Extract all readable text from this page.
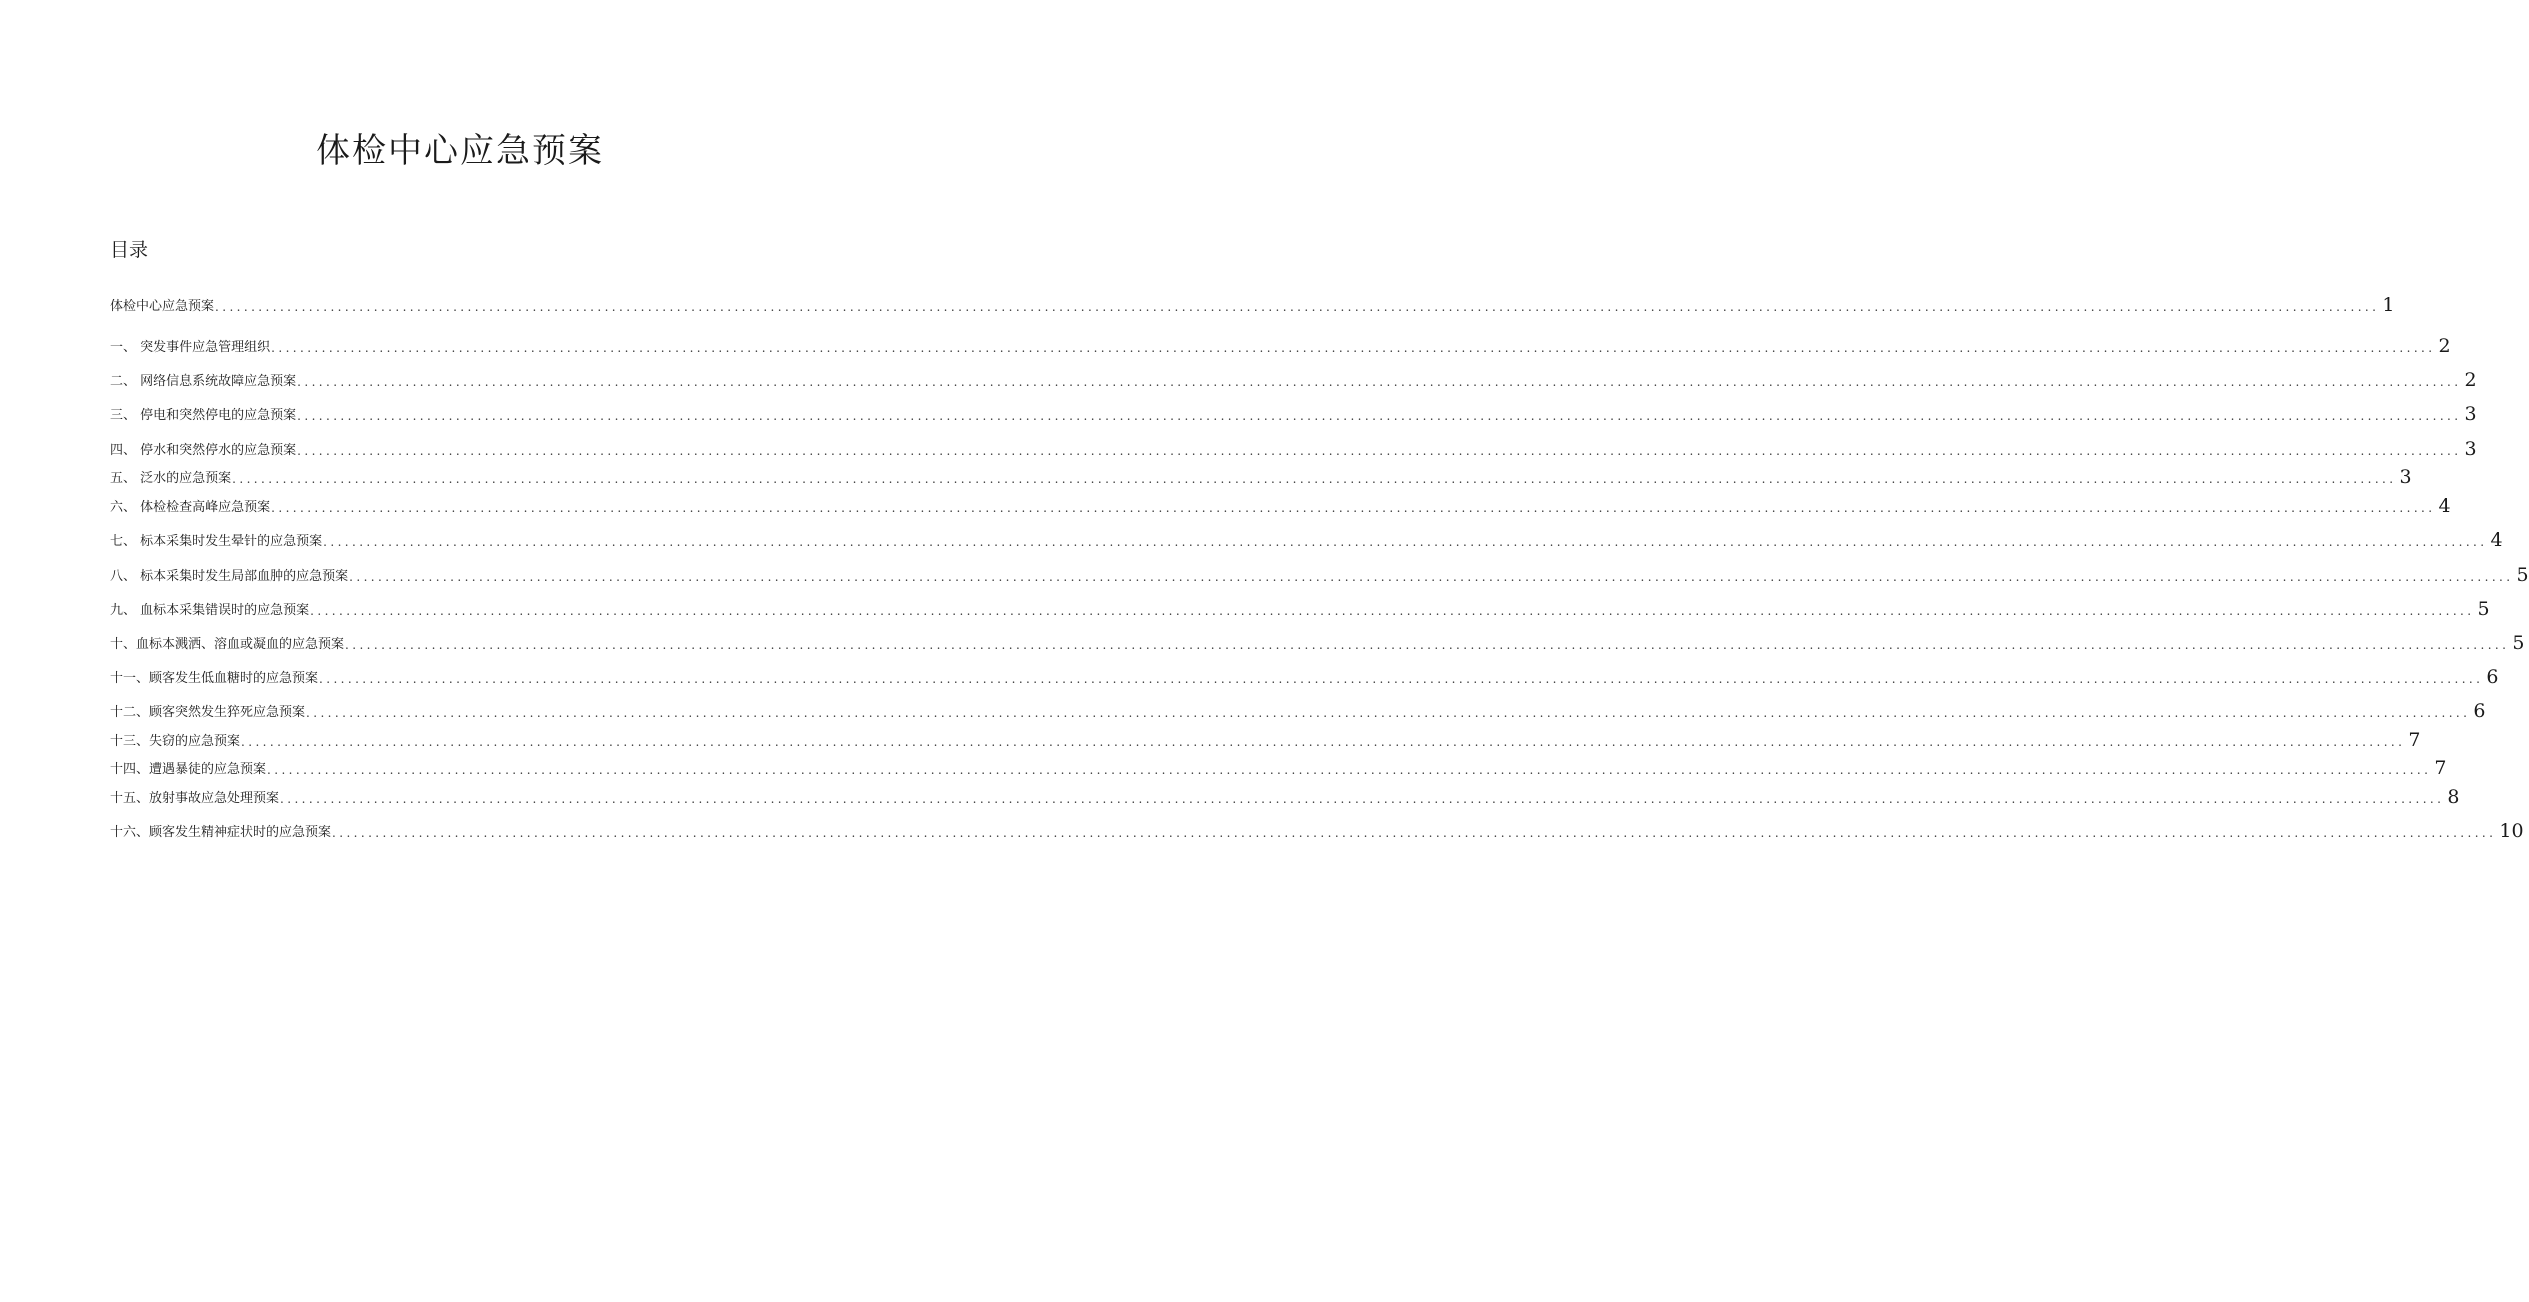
体检中心应急预案
目录
体检中心应急预案 ............................................................................................................................................................................................................................................................................................................ 1
一、 突发事件应急管理组织 ............................................................................................................................................................................................................................................................................................................ 2
二、 网络信息系统故障应急预案 ............................................................................................................................................................................................................................................................................................................ 2
三、 停电和突然停电的应急预案 ............................................................................................................................................................................................................................................................................................................ 3
四、 停水和突然停水的应急预案 ............................................................................................................................................................................................................................................................................................................ 3
五、 泛水的应急预案 ............................................................................................................................................................................................................................................................................................................ 3
六、 体检检查高峰应急预案 ............................................................................................................................................................................................................................................................................................................ 4
七、 标本采集时发生晕针的应急预案 ............................................................................................................................................................................................................................................................................................................ 4
八、 标本采集时发生局部血肿的应急预案 ............................................................................................................................................................................................................................................................................................................ 5
九、 血标本采集错误时的应急预案 ............................................................................................................................................................................................................................................................................................................ 5
十、血标本溅洒、溶血或凝血的应急预案 ............................................................................................................................................................................................................................................................................................................ 5
十一、顾客发生低血糖时的应急预案 ............................................................................................................................................................................................................................................................................................................ 6
十二、顾客突然发生猝死应急预案 ............................................................................................................................................................................................................................................................................................................ 6
十三、失窃的应急预案 ............................................................................................................................................................................................................................................................................................................ 7
十四、遭遇暴徒的应急预案 ............................................................................................................................................................................................................................................................................................................ 7
十五、放射事故应急处理预案 ............................................................................................................................................................................................................................................................................................................ 8
十六、顾客发生精神症状时的应急预案 ............................................................................................................................................................................................................................................................................................................ 10
